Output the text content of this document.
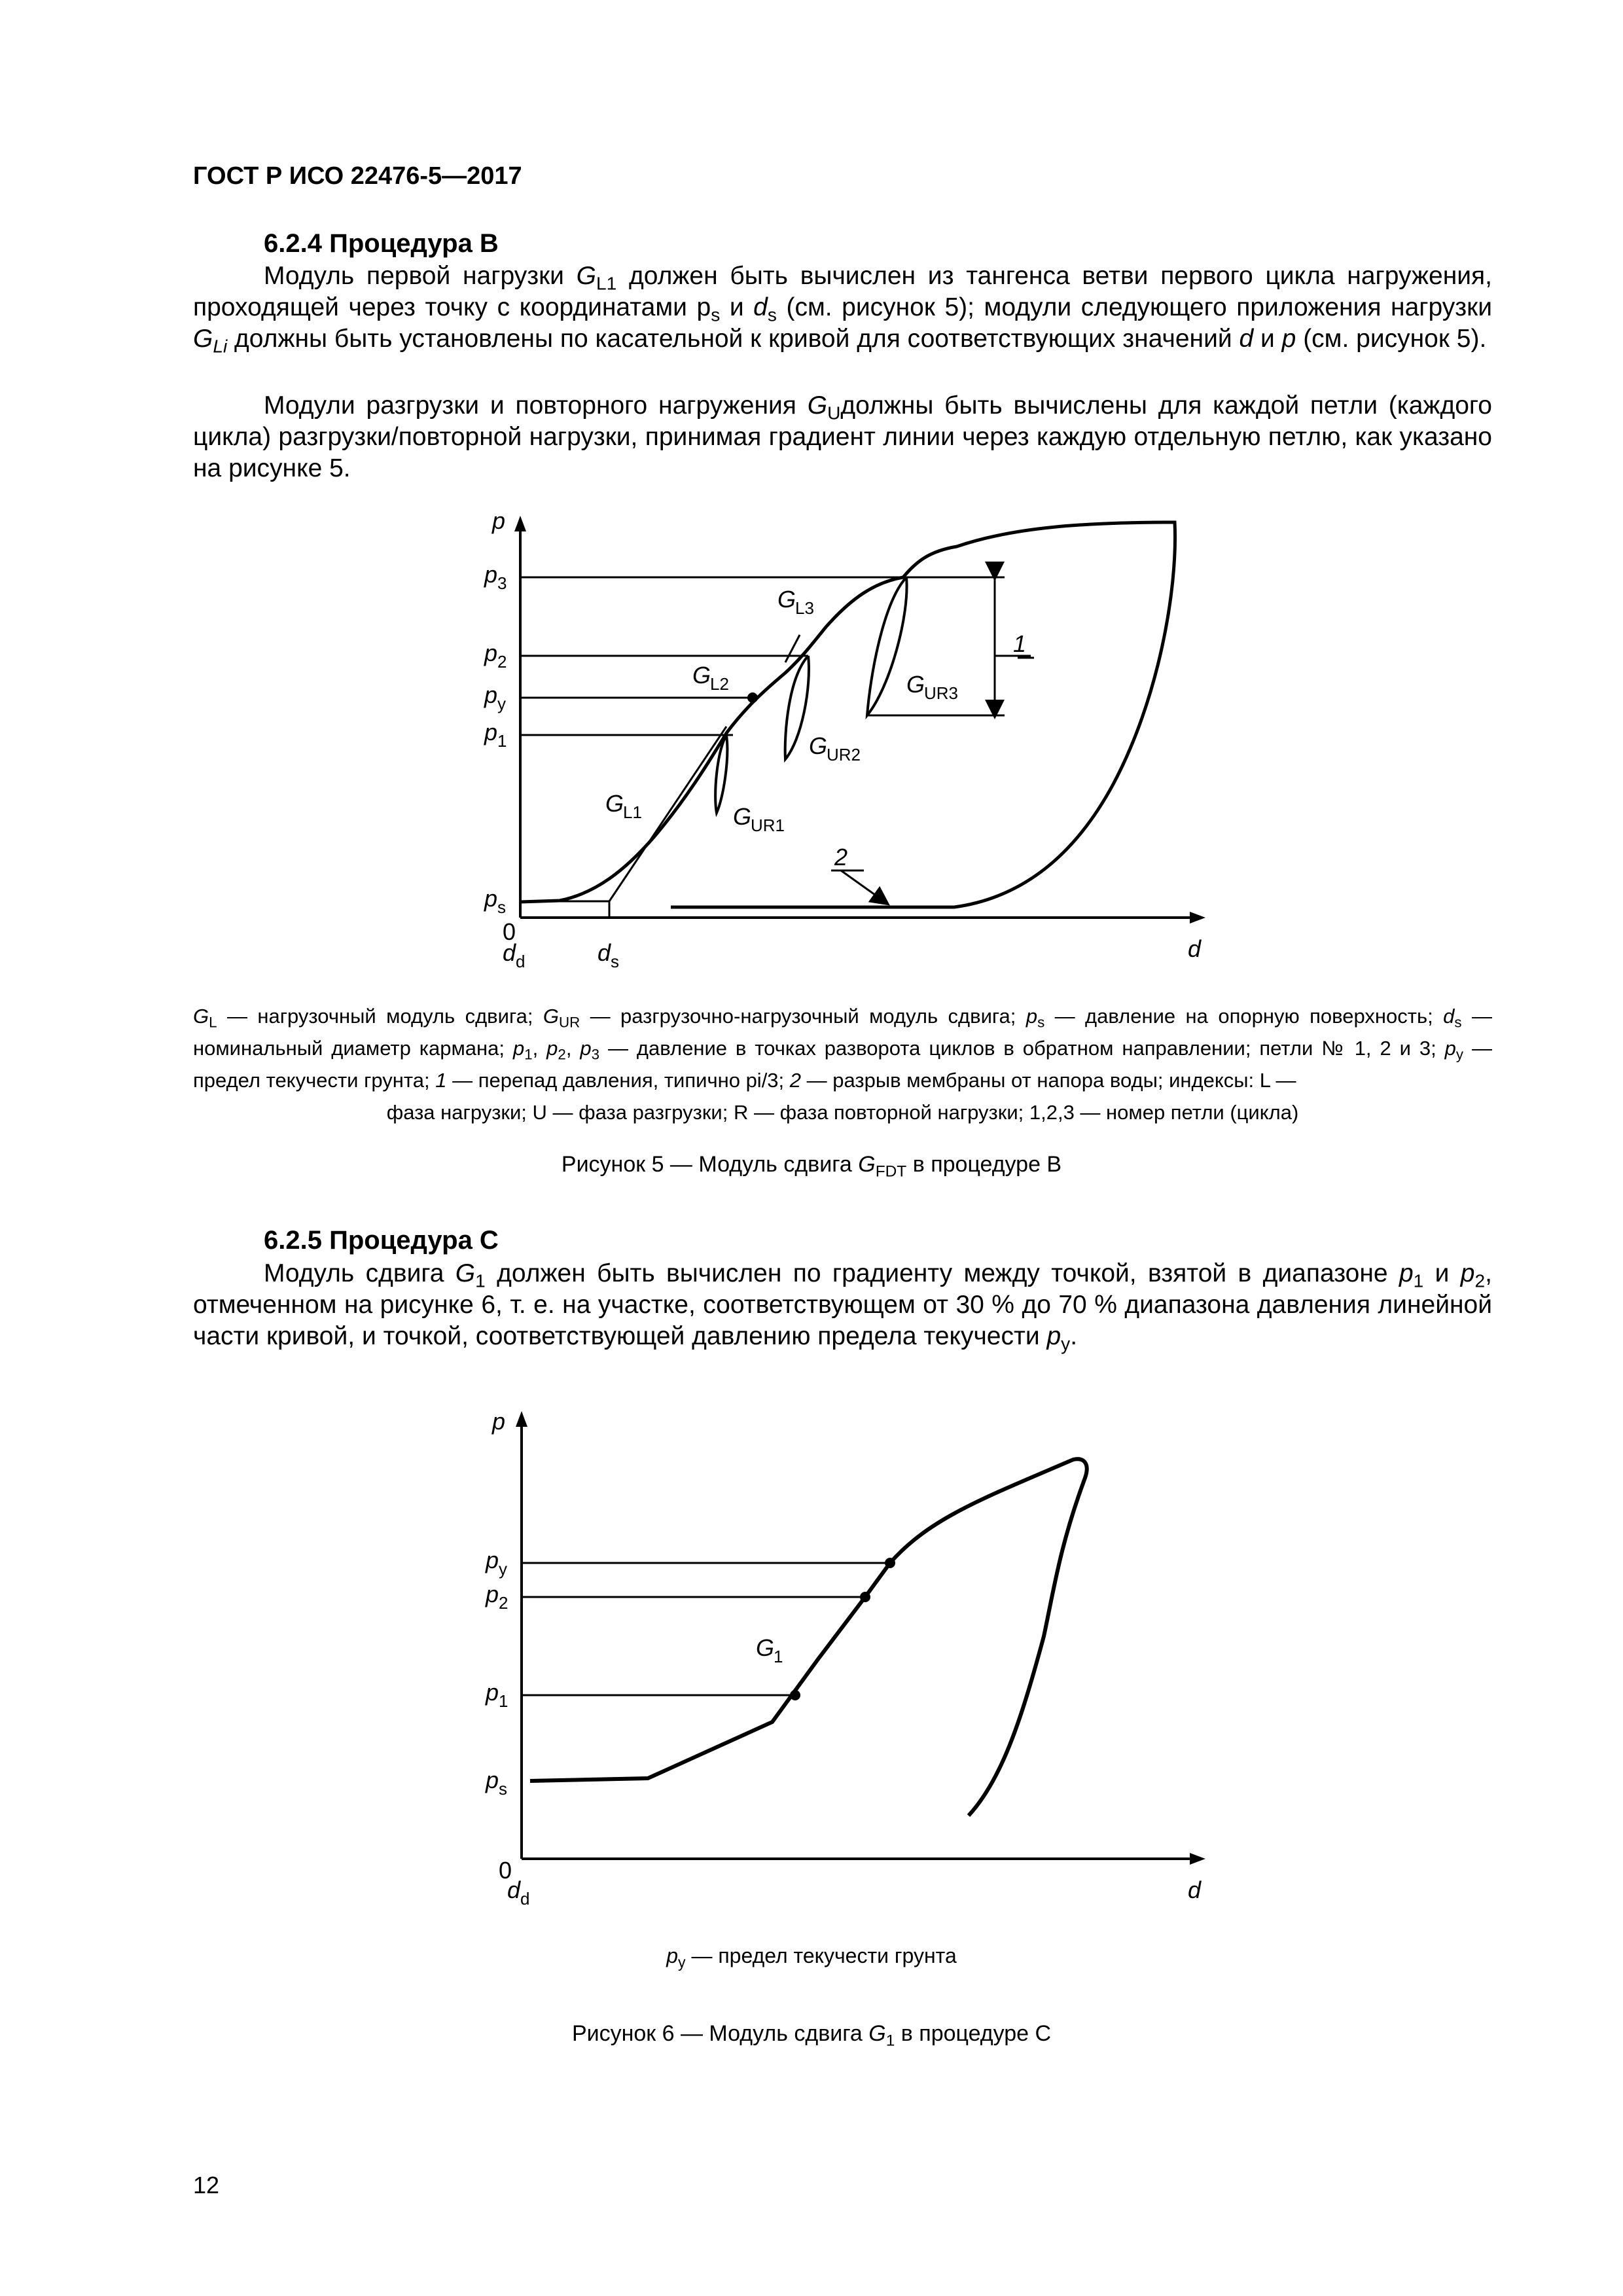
ГОСТ Р ИСО 22476-5—2017
6.2.4 Процедура B

Модуль первой нагрузки $G_{L1}$ должен быть вычислен из тангенса ветви первого цикла нагружения, проходящей через точку с координатами $p_s$ и $d_s$ (см. рисунок 5); модули следующего приложения нагрузки $G_{Li}$ должны быть установлены по касательной к кривой для соответствующих значений d и p (см. рисунок 5).

Модули разгрузки и повторного нагружения $G_Uдолжны$ быть вычислены для каждой петли (каждого цикла) разгрузки/повторной нагрузки, принимая градиент линии через каждую отдельную петлю, как указано на рисунке 5.

p
d
0
p 3
p 2
p y
p 1
p s
d d	d s
G
L1
G
L2
G
L3
G
UR1
G
UR2
G
UR3
1
2

$G_L$ — нагрузочный модуль сдвига; $G_{UR}$ — разгрузочно-нагрузочный модуль сдвига; $p_s$ — давление на опорную поверхность; $d_s$ — номинальный диаметр кармана; $p_1$, $p_2$, $p_3$ — давление в точках разворота циклов в обратном направлении; петли № 1, 2 и 3; $p_y$ — предел текучести грунта; 1 — перепад давления, типично pi/3; 2 — разрыв мембраны от напора воды; индексы: L —
фаза нагрузки; U — фаза разгрузки; R — фаза повторной нагрузки; 1,2,3 — номер петли (цикла)

Рисунок 5 — Модуль сдвига $G_{FDT}$ в процедуре B
6.2.5 Процедура C

Модуль сдвига $G_1$ должен быть вычислен по градиенту между точкой, взятой в диапазоне $p_1$ и $p_2$, отмеченном на рисунке 6, т. е. на участке, соответствующем от 30 % до 70 % диапазона давления линейной части кривой, и точкой, соответствующей давлению предела текучести $p_y$.

p
d
0
p y
p 2
p 1
p s
d d
G
1
$p_y$ — предел текучести грунта
Рисунок 6 — Модуль сдвига $G_1$ в процедуре C
12
